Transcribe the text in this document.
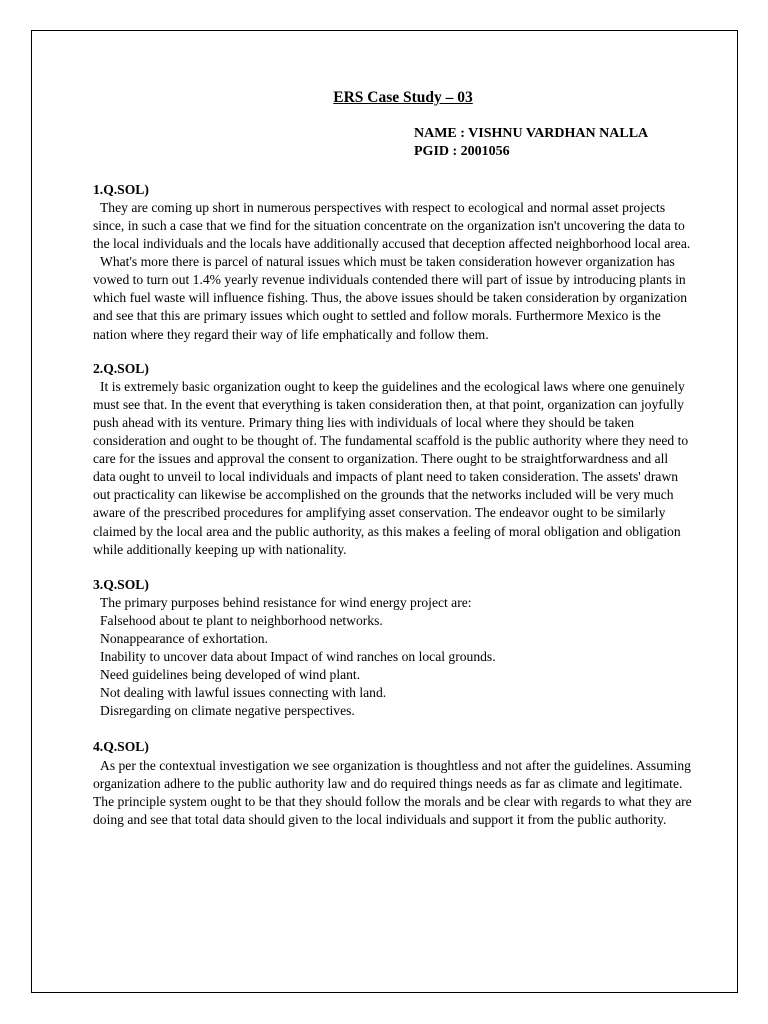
ERS Case Study – 03
NAME : VISHNU VARDHAN NALLA
PGID : 2001056
1.Q.SOL)

They are coming up short in numerous perspectives with respect to ecological and normal asset projects since, in such a case that we find for the situation concentrate on the organization isn't uncovering the data to the local individuals and the locals have additionally accused that deception affected neighborhood local area.

What's more there is parcel of natural issues which must be taken consideration however organization has vowed to turn out 1.4% yearly revenue individuals contended there will part of issue by introducing plants in which fuel waste will influence fishing. Thus, the above issues should be taken consideration by organization and see that this are primary issues which ought to settled and follow morals. Furthermore Mexico is the nation where they regard their way of life emphatically and follow them.

2.Q.SOL)

It is extremely basic organization ought to keep the guidelines and the ecological laws where one genuinely must see that. In the event that everything is taken consideration then, at that point, organization can joyfully push ahead with its venture. Primary thing lies with individuals of local where they should be taken consideration and ought to be thought of. The fundamental scaffold is the public authority where they need to care for the issues and approval the consent to organization. There ought to be straightforwardness and all data ought to unveil to local individuals and impacts of plant need to taken consideration. The assets' drawn out practicality can likewise be accomplished on the grounds that the networks included will be very much aware of the prescribed procedures for amplifying asset conservation. The endeavor ought to be similarly claimed by the local area and the public authority, as this makes a feeling of moral obligation and obligation while additionally keeping up with nationality.

3.Q.SOL)

The primary purposes behind resistance for wind energy project are:

Falsehood about te plant to neighborhood networks.

Nonappearance of exhortation.

Inability to uncover data about Impact of wind ranches on local grounds.

Need guidelines being developed of wind plant.

Not dealing with lawful issues connecting with land.

Disregarding on climate negative perspectives.

4.Q.SOL)

As per the contextual investigation we see organization is thoughtless and not after the guidelines. Assuming organization adhere to the public authority law and do required things needs as far as climate and legitimate. The principle system ought to be that they should follow the morals and be clear with regards to what they are doing and see that total data should given to the local individuals and support it from the public authority.
